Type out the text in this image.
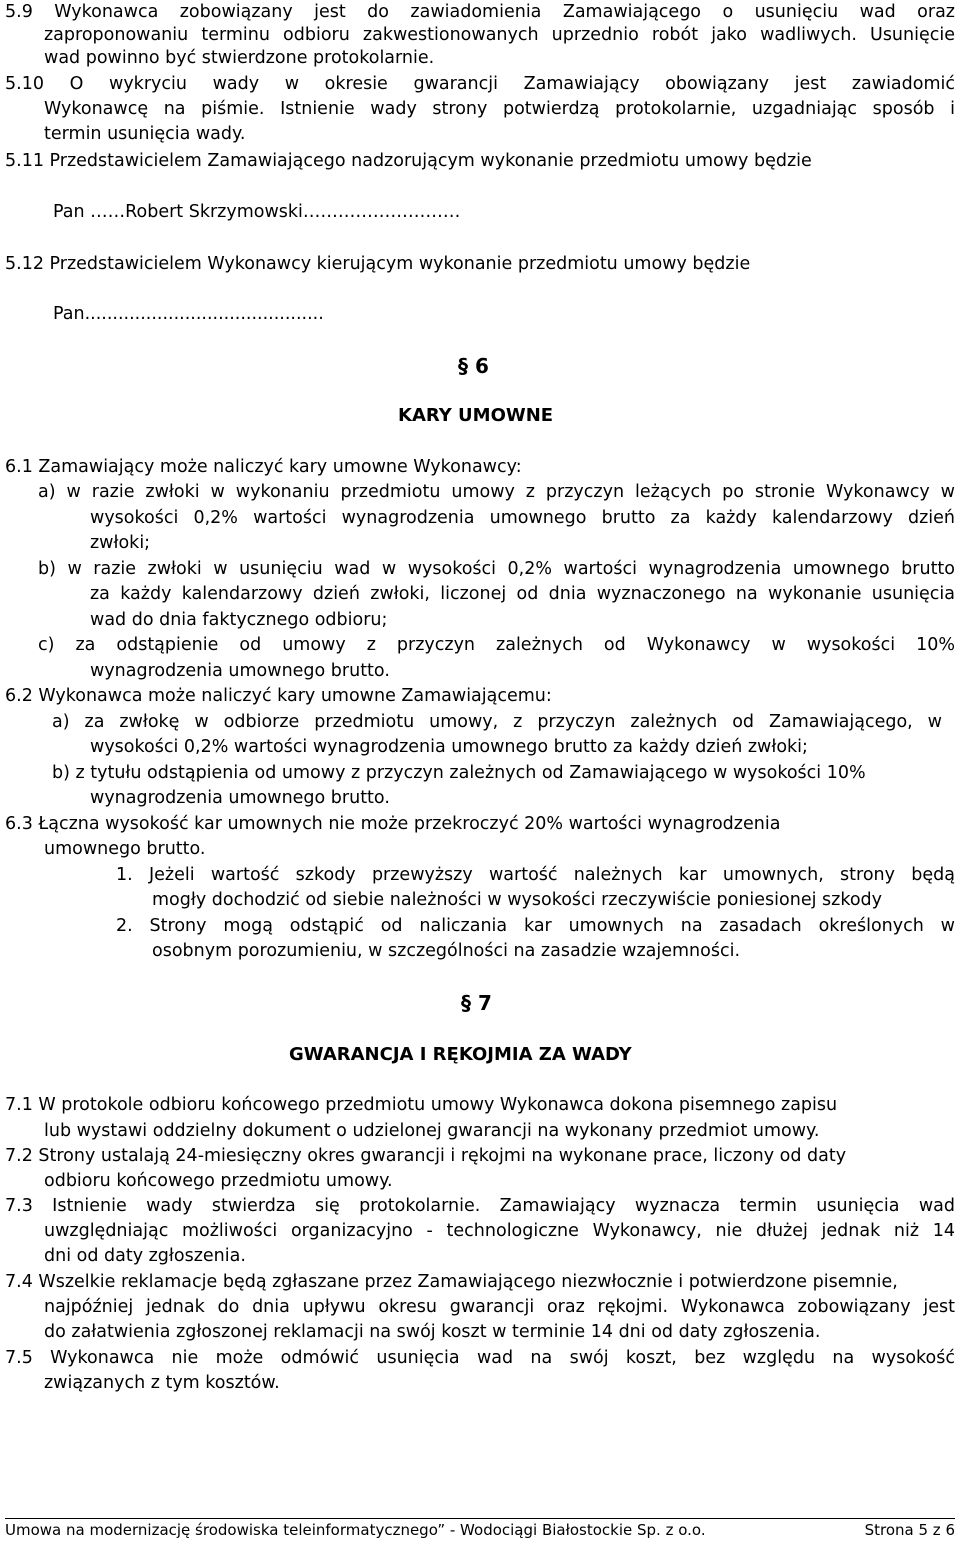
5.9 Wykonawca zobowiązany jest do zawiadomienia Zamawiającego o usunięciu wad oraz
zaproponowaniu terminu odbioru zakwestionowanych uprzednio robót jako wadliwych. Usunięcie
wad powinno być stwierdzone protokolarnie.
5.10 O wykryciu wady w okresie gwarancji Zamawiający obowiązany jest zawiadomić
Wykonawcę na piśmie. Istnienie wady strony potwierdzą protokolarnie, uzgadniając sposób i
termin usunięcia wady.
5.11 Przedstawicielem Zamawiającego nadzorującym wykonanie przedmiotu umowy będzie
Pan ……Robert Skrzymowski………………………
5.12 Przedstawicielem Wykonawcy kierującym wykonanie przedmiotu umowy będzie
Pan...........................................
§ 6
KARY UMOWNE
6.1 Zamawiający może naliczyć kary umowne Wykonawcy:
a) w razie zwłoki w wykonaniu przedmiotu umowy z przyczyn leżących po stronie Wykonawcy w
wysokości 0,2% wartości wynagrodzenia umownego brutto za każdy kalendarzowy dzień
zwłoki;
b) w razie zwłoki w usunięciu wad w wysokości 0,2% wartości wynagrodzenia umownego brutto
za każdy kalendarzowy dzień zwłoki, liczonej od dnia wyznaczonego na wykonanie usunięcia
wad do dnia faktycznego odbioru;
c) za odstąpienie od umowy z przyczyn zależnych od Wykonawcy w wysokości 10%
wynagrodzenia umownego brutto.
6.2 Wykonawca może naliczyć kary umowne Zamawiającemu:
a) za zwłokę w odbiorze przedmiotu umowy, z przyczyn zależnych od Zamawiającego, w
wysokości 0,2% wartości wynagrodzenia umownego brutto za każdy dzień zwłoki;
b) z tytułu odstąpienia od umowy z przyczyn zależnych od Zamawiającego w wysokości 10%
wynagrodzenia umownego brutto.
6.3 Łączna wysokość kar umownych nie może przekroczyć 20% wartości wynagrodzenia
umownego brutto.
1. Jeżeli wartość szkody przewyższy wartość należnych kar umownych, strony będą
mogły dochodzić od siebie należności w wysokości rzeczywiście poniesionej szkody
2. Strony mogą odstąpić od naliczania kar umownych na zasadach określonych w
osobnym porozumieniu, w szczególności na zasadzie wzajemności.
§ 7
GWARANCJA I RĘKOJMIA ZA WADY
7.1 W protokole odbioru końcowego przedmiotu umowy Wykonawca dokona pisemnego zapisu
lub wystawi oddzielny dokument o udzielonej gwarancji na wykonany przedmiot umowy.
7.2 Strony ustalają 24-miesięczny okres gwarancji i rękojmi na wykonane prace, liczony od daty
odbioru końcowego przedmiotu umowy.
7.3 Istnienie wady stwierdza się protokolarnie. Zamawiający wyznacza termin usunięcia wad
uwzględniając możliwości organizacyjno - technologiczne Wykonawcy, nie dłużej jednak niż 14
dni od daty zgłoszenia.
7.4 Wszelkie reklamacje będą zgłaszane przez Zamawiającego niezwłocznie i potwierdzone pisemnie,
najpóźniej jednak do dnia upływu okresu gwarancji oraz rękojmi. Wykonawca zobowiązany jest
do załatwienia zgłoszonej reklamacji na swój koszt w terminie 14 dni od daty zgłoszenia.
7.5 Wykonawca nie może odmówić usunięcia wad na swój koszt, bez względu na wysokość
związanych z tym kosztów.
Umowa na modernizację środowiska teleinformatycznego” - Wodociągi Białostockie Sp. z o.o.	Strona 5 z 6
